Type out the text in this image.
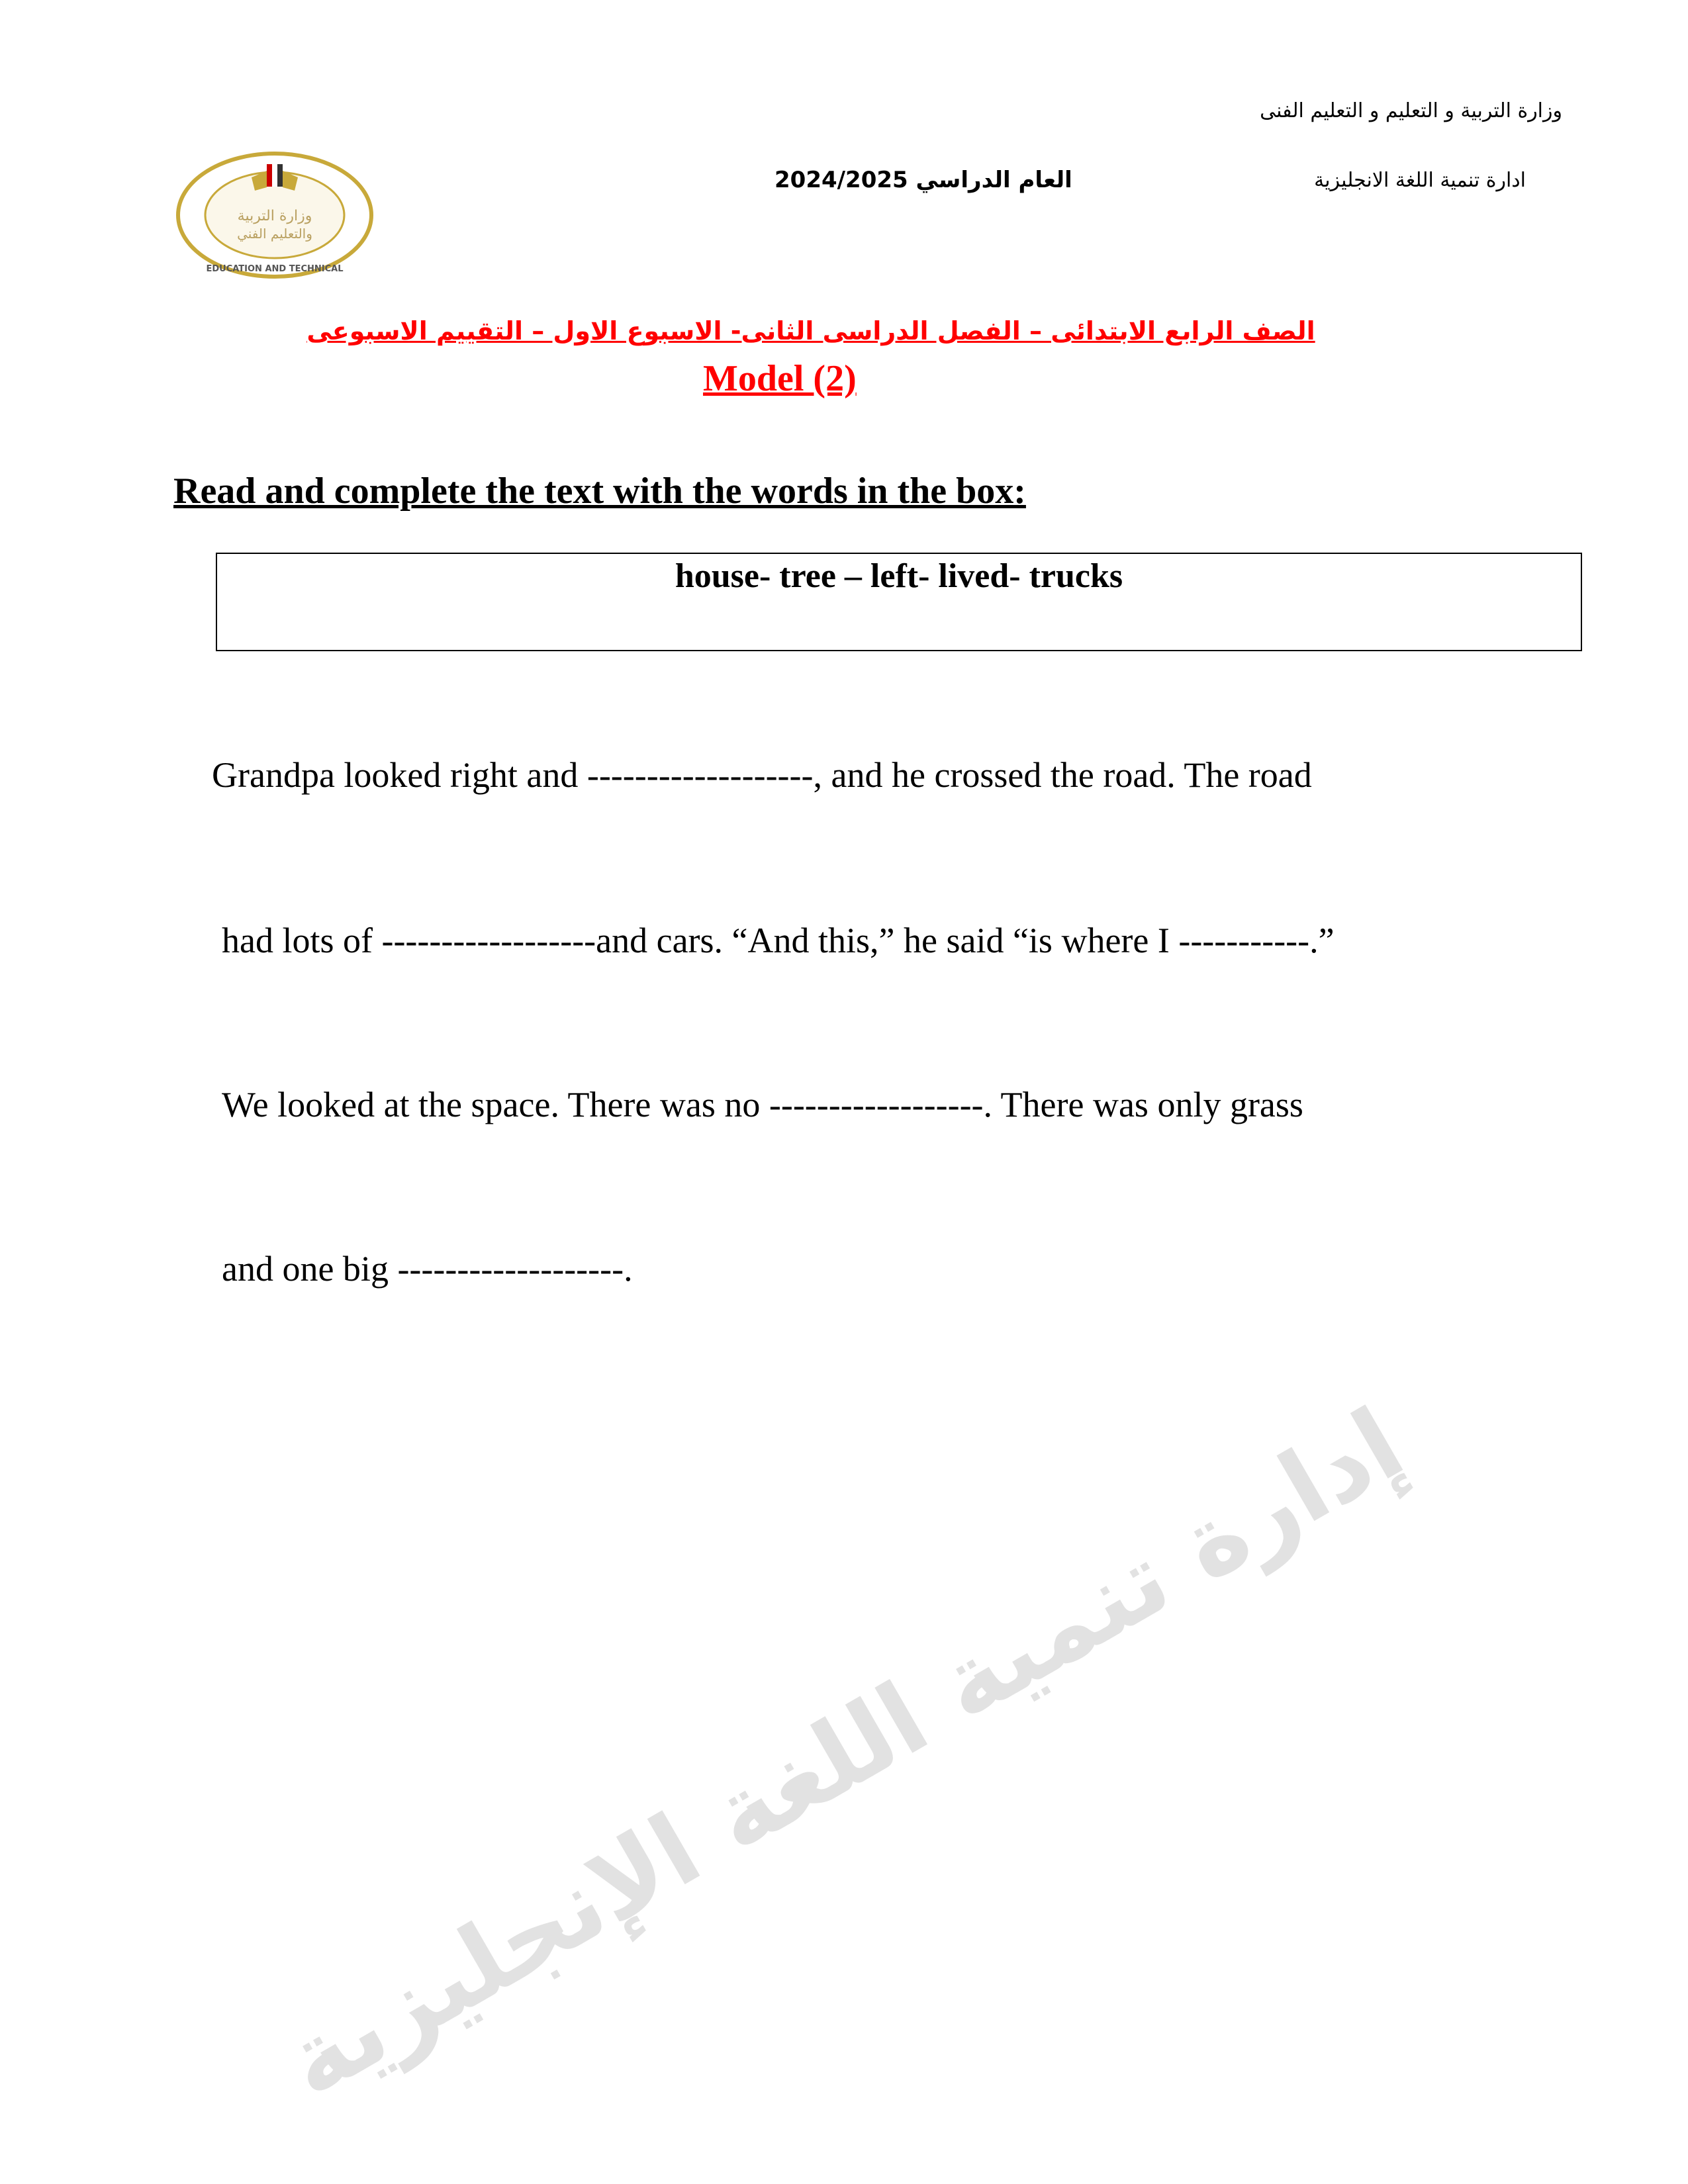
وزارة التربية و التعليم و التعليم الفنى
ادارة تنمية اللغة الانجليزية
2024/2025 العام الدراسي
وزارة التربية
والتعليم الفني
EDUCATION AND TECHNICAL
الصف الرابع الابتدائى – الفصل الدراسى الثانى- الاسبوع الاول – التقييم الاسبوعى
Model (2)
Read and complete the text with the words in the box:
house- tree – left- lived- trucks
Grandpa looked right and -------------------, and he crossed the road. The road
had lots of ------------------and cars. “And this,” he said “is where I -----------.”
We looked at the space. There was no ------------------. There was only grass
and one big -------------------.
إدارة تنمية اللغة الإنجليزية
